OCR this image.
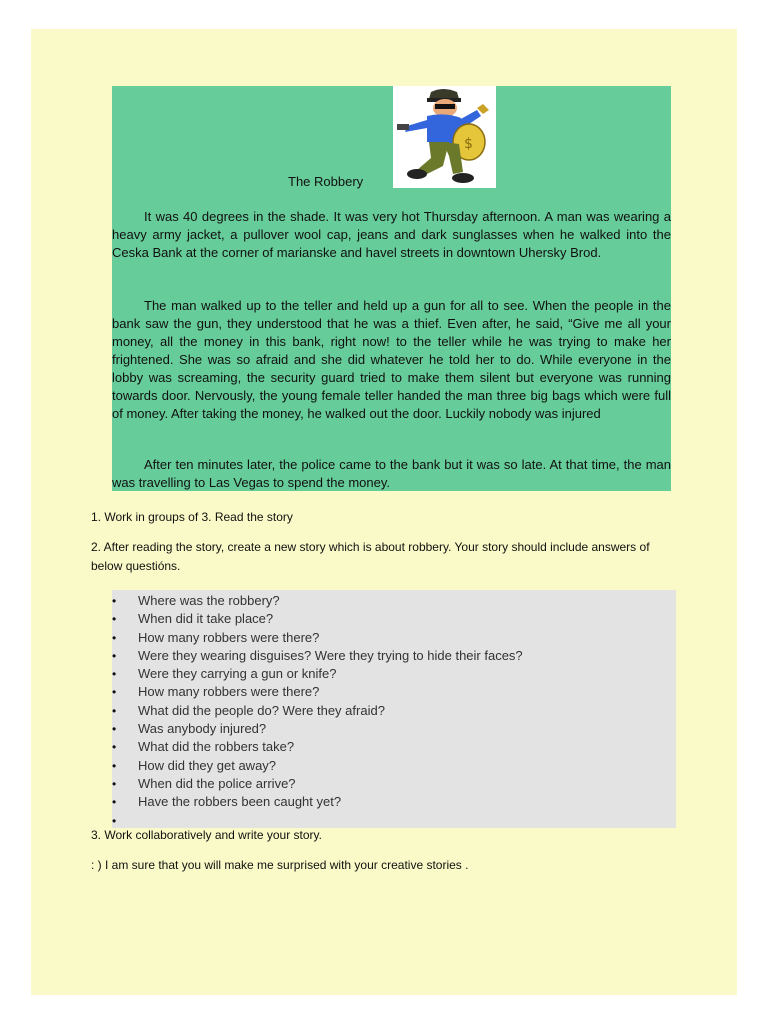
$
The Robbery

It was 40 degrees in the shade. It was very hot Thursday afternoon. A man was wearing a heavy army jacket, a pullover wool cap, jeans and dark sunglasses when he walked into the Ceska Bank at the corner of marianske and havel streets in downtown Uhersky Brod.

The man walked up to the teller and held up a gun for all to see. When the people in the bank saw the gun, they understood that he was a thief. Even after, he said, “Give me all your money, all the money in this bank, right now! to the teller while he was trying to make her frightened. She was so afraid and she did whatever he told her to do. While everyone in the lobby was screaming, the security guard tried to make them silent but everyone was running towards door. Nervously, the young female teller handed the man three big bags which were full of money. After taking the money, he walked out the door. Luckily nobody was injured

After ten minutes later, the police came to the bank but it was so late. At that time, the man was travelling to Las Vegas to spend the money.

1. Work in groups of 3. Read the story

2. After reading the story, create a new story which is about robbery. Your story should include answers of below questións.

•	Where was the robbery?
•	When did it take place?
•	How many robbers were there?
•	Were they wearing disguises? Were they trying to hide their faces?
•	Were they carrying a gun or knife?
•	How many robbers were there?
•	What did the people do? Were they afraid?
•	Was anybody injured?
•	What did the robbers take?
•	How did they get away?
•	When did the police arrive?
•	Have the robbers been caught yet?
•

3. Work collaboratively and write your story.

: ) I am sure that you will make me surprised with your creative stories .
